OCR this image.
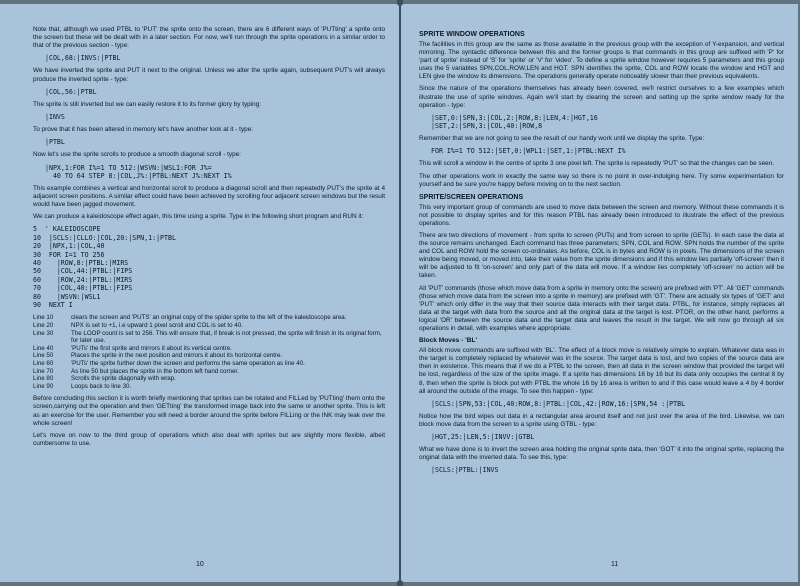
Note that, although we used PTBL to 'PUT' the sprite onto the screen, there are 6 different ways of 'PUTting' a sprite onto the screen but these will be dealt with in a later section. For now, we'll run through the sprite operations in a similar order to that of the previous section - type:

|COL,68:|INVS:|PTBL

We have inverted the sprite and PUT it next to the original. Unless we alter the sprite again, subsequent PUT's will always produce the inverted sprite - type:

|COL,56:|PTBL

The sprite is still inverted but we can easily restore it to its former glory by typing:

|INVS

To prove that it has been altered in memory let's have another look at it - type:

|PTBL

Now let's use the sprite scrolls to produce a smooth diagonal scroll - type:

|NPX,1:FOR I%=1 TO 512:|WSVN:|WSL1:FOR J%=
40 TO 64 STEP 8:|COL,J%:|PTBL:NEXT J%:NEXT I%

This example combines a vertical and horizontal scroll to produce a diagonal scroll and then repeatedly PUT's the sprite at 4 adjacent screen positions. A similar effect could have been achieved by scrolling four adjacent screen windows but the result would have been jagged movement.

We can produce a kaleidoscope effect again, this time using a sprite. Type in the following short program and RUN it:

5  ' KALEIDOSCOPE
10  |SCLS:|CLLO:|COL,20:|SPN,1:|PTBL
20  |NPX,1:|COL,40
30  FOR I=1 TO 256
40    |ROW,8:|PTBL:|MIRS
50    |COL,44:|PTBL:|FIPS
60    |ROW,24:|PTBL:|MIRS
70    |COL,40:|PTBL:|FIPS
80    |WSVN:|WSL1
90  NEXT I
Line 10	clears the screen and 'PUTS' an original copy of the spider sprite to the left of the kaleidoscope area.
Line 20	NPX is set to +1, i.e upward 1 pixel scroll and COL is set to 40.
Line 30	The LOOP count is set to 256. This will ensure that, if break is not pressed, the sprite will finish in its original form, for later use.
Line 40	'PUTs' the first sprite and mirrors it about its vertical centre.
Line 50	Places the sprite in the next position and mirrors it about its horizontal centre.
Line 60	'PUTs' the sprite further down the screen and performs the same operation as line 40.
Line 70	As line 50 but places the sprite in the bottom left hand corner.
Line 80	Scrolls the sprite diagonally with wrap.
Line 90	Loops back to line 30.

Before concluding this section it is worth briefly mentioning that sprites can be rotated and FILLed by 'PUTting' them onto the screen,carrying out the operation and then 'GETting' the transformed image back into the same or another sprite. This is left as an exercise for the user. Remember you will need a border around the sprite before FILLing or the INK may leak over the whole screen!

Let's move on now to the third group of operations which also deal with sprites but are slightly more flexible, albeit cumbersome to use.

10
SPRITE WINDOW OPERATIONS

The facilities in this group are the same as those available in the previous group with the exception of Y-expansion, and vertical mirroring. The syntactic difference between this and the former groups is that commands in this group are suffixed with 'P' for 'part of sprite' instead of 'S' for 'sprite' or 'V' for 'video'. To define a sprite window however requires 5 parameters and this group uses the 5 variables SPN,COL,ROW,LEN and HGT. SPN identifies the sprite, COL and ROW locate the window and HGT and LEN give the window its dimensions. The operations generally operate noticeably slower than their previous equivalents.

Since the nature of the operations themselves has already been covered, we'll restrict ourselves to a few examples which illustrate the use of sprite windows. Again we'll start by clearing the screen and setting up the sprite window ready for the operation - type:

|SET,0:|SPN,3:|COL,2:|ROW,8:|LEN,4:|HGT,16
|SET,2:|SPN,3:|COL,40:|ROW,8

Remember that we are not going to see the result of our handy work until we display the sprite. Type:

FOR I%=1 TO 512:|SET,0:|WPL1:|SET,1:|PTBL:NEXT I%

This will scroll a window in the centre of sprite 3 one pixel left. The sprite is repeatedly 'PUT' so that the changes can be seen.

The other operations work in exactly the same way so there is no point in over-indulging here. Try some experimentation for yourself and be sure you're happy before moving on to the next section.

SPRITE/SCREEN OPERATIONS

This very important group of commands are used to move data between the screen and memory. Without these commands it is not possible to display sprites and for this reason PTBL has already been introduced to illustrate the effect of the previous operations.

There are two directions of movement - from sprite to screen (PUTs) and from screen to sprite (GETs). In each case the data at the source remains unchanged. Each command has three parameters; SPN, COL and ROW. SPN holds the number of the sprite and COL and ROW hold the screen co-ordinates. As before, COL is in bytes and ROW is in pixels. The dimensions of the screen window being moved, or moved into, take their value from the sprite dimensions and if this window lies partially 'off-screen' then it will be adjusted to fit 'on-screen' and only part of the data will move. If a window lies completely 'off-screen' no action will be taken.

All 'PUT' commands (those which move data from a sprite in memory onto the screen) are prefixed with 'PT'. All 'GET' commands (those which move data from the screen into a sprite in memory) are prefixed with 'GT'. There are actually six types of 'GET' and 'PUT' which only differ in the way that their source data interacts with their target data. PTBL, for instance, simply replaces all data at the target with data from the source and all the original data at the target is lost. PTOR, on the other hand, performs a logical 'OR' between the source data and the target data and leaves the result in the target. We will now go through all six operations in detail, with examples where appropriate.

Block Moves - 'BL'

All block move commands are suffixed with 'BL'. The effect of a block move is relatively simple to explain. Whatever data was in the target is completely replaced by whatever was in the source. The target data is lost, and two copies of the source data are then in existence. This means that if we do a PTBL to the screen, then all data in the screen window that provided the target will be lost, regardless of the size of the sprite image. If a sprite has dimensions 16 by 16 but its data only occupies the central 8 by 8, then when the sprite is block put with PTBL the whole 16 by 16 area is written to and if this case would leave a 4 by 4 border all around the outside of the image. To see this happen - type:

|SCLS:|SPN,53:|COL,40:ROW,8:|PTBL:|COL,42:|ROW,16:|SPN,54 :|PTBL

Notice how the bird wipes out data in a rectangular area around itself and not just over the area of the bird. Likewise, we can block move data from the screen to a sprite using GTBL - type:

|HGT,25:|LEN,5:|INVV:|GTBL

What we have done is to invert the screen area holding the original sprite data, then 'GOT' it into the original sprite, replacing the original data with the inverted data. To see this, type:

|SCLS:|PTBL:|INVS
11
